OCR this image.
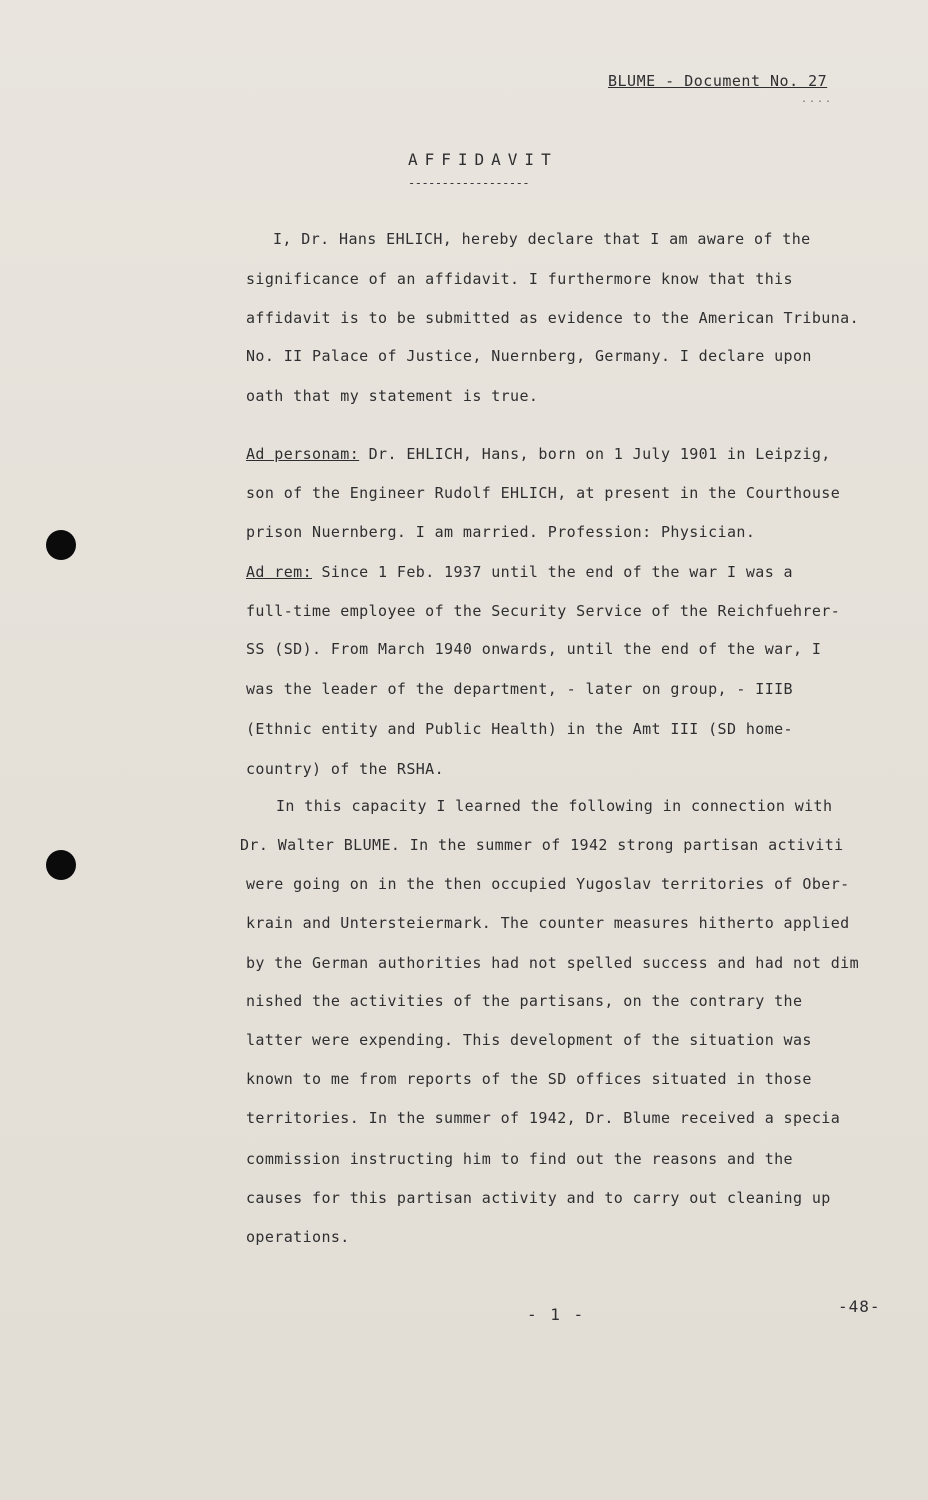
BLUME - Document No. 27
....
AFFIDAVIT
------------------
I, Dr. Hans EHLICH, hereby declare that I am aware of the
significance of an affidavit. I furthermore know that this
affidavit is to be submitted as evidence to the American Tribuna.
No. II Palace of Justice, Nuernberg, Germany. I declare upon
oath that my statement is true.
Ad personam: Dr. EHLICH, Hans, born on 1 July 1901 in Leipzig,
son of the Engineer Rudolf EHLICH, at present in the Courthouse
prison Nuernberg. I am married. Profession: Physician.
Ad rem: Since 1 Feb. 1937 until the end of the war I was a
full-time employee of the Security Service of the Reichfuehrer-
SS (SD). From March 1940 onwards, until the end of the war, I
was the leader of the department, - later on group, - IIIB
(Ethnic entity and Public Health) in the Amt III (SD home-
country) of the RSHA.
In this capacity I learned the following in connection with
Dr. Walter BLUME. In the summer of 1942 strong partisan activiti
were going on in the then occupied Yugoslav territories of Ober-
krain and Untersteiermark. The counter measures hitherto applied
by the German authorities had not spelled success and had not dim
nished the activities of the partisans, on the contrary the
latter were expending. This development of the situation was
known to me from reports of the SD offices situated in those
territories. In the summer of 1942, Dr. Blume received a specia
commission instructing him to find out the reasons and the
causes for this partisan activity and to carry out cleaning up
operations.
- 1 -	-48-
